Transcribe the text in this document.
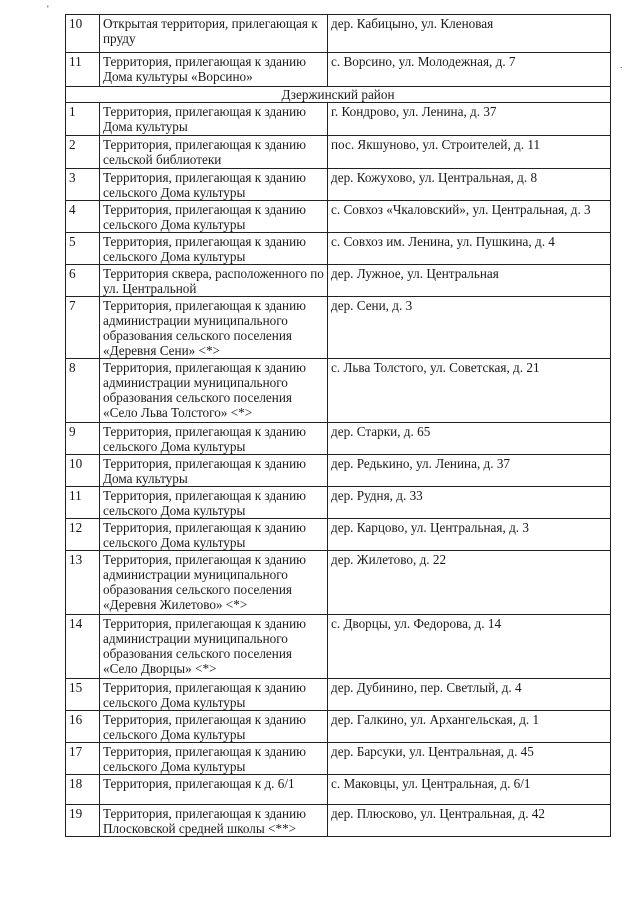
'
.
10	Открытая территория, прилегающая к пруду	дер. Кабицыно, ул. Кленовая
11	Территория, прилегающая к зданию Дома культуры «Ворсино»	с. Ворсино, ул. Молодежная, д. 7
Дзержинский район		
1	Территория, прилегающая к зданию Дома культуры	г. Кондрово, ул. Ленина, д. 37
2	Территория, прилегающая к зданию сельской библиотеки	пос. Якшуново, ул. Строителей, д. 11
3	Территория, прилегающая к зданию сельского Дома культуры	дер. Кожухово, ул. Центральная, д. 8
4	Территория, прилегающая к зданию сельского Дома культуры	с. Совхоз «Чкаловский», ул. Центральная, д. 3
5	Территория, прилегающая к зданию сельского Дома культуры	с. Совхоз им. Ленина, ул. Пушкина, д. 4
6	Территория сквера, расположенного по ул. Центральной	дер. Лужное, ул. Центральная
7	Территория, прилегающая к зданию администрации муниципального образования сельского поселения «Деревня Сени» <*>	дер. Сени, д. 3
8	Территория, прилегающая к зданию администрации муниципального образования сельского поселения «Село Льва Толстого» <*>	с. Льва Толстого, ул. Советская, д. 21
9	Территория, прилегающая к зданию сельского Дома культуры	дер. Старки, д. 65
10	Территория, прилегающая к зданию Дома культуры	дер. Редькино, ул. Ленина, д. 37
11	Территория, прилегающая к зданию сельского Дома культуры	дер. Рудня, д. 33
12	Территория, прилегающая к зданию сельского Дома культуры	дер. Карцово, ул. Центральная, д. 3
13	Территория, прилегающая к зданию администрации муниципального образования сельского поселения «Деревня Жилетово» <*>	дер. Жилетово, д. 22
14	Территория, прилегающая к зданию администрации муниципального образования сельского поселения «Село Дворцы» <*>	с. Дворцы, ул. Федорова, д. 14
15	Территория, прилегающая к зданию сельского Дома культуры	дер. Дубинино, пер. Светлый, д. 4
16	Территория, прилегающая к зданию сельского Дома культуры	дер. Галкино, ул. Архангельская, д. 1
17	Территория, прилегающая к зданию сельского Дома культуры	дер. Барсуки, ул. Центральная, д. 45
18	Территория, прилегающая к д. 6/1	с. Маковцы, ул. Центральная, д. 6/1
19	Территория, прилегающая к зданию Плосковской средней школы <**>	дер. Плюсково, ул. Центральная, д. 42
